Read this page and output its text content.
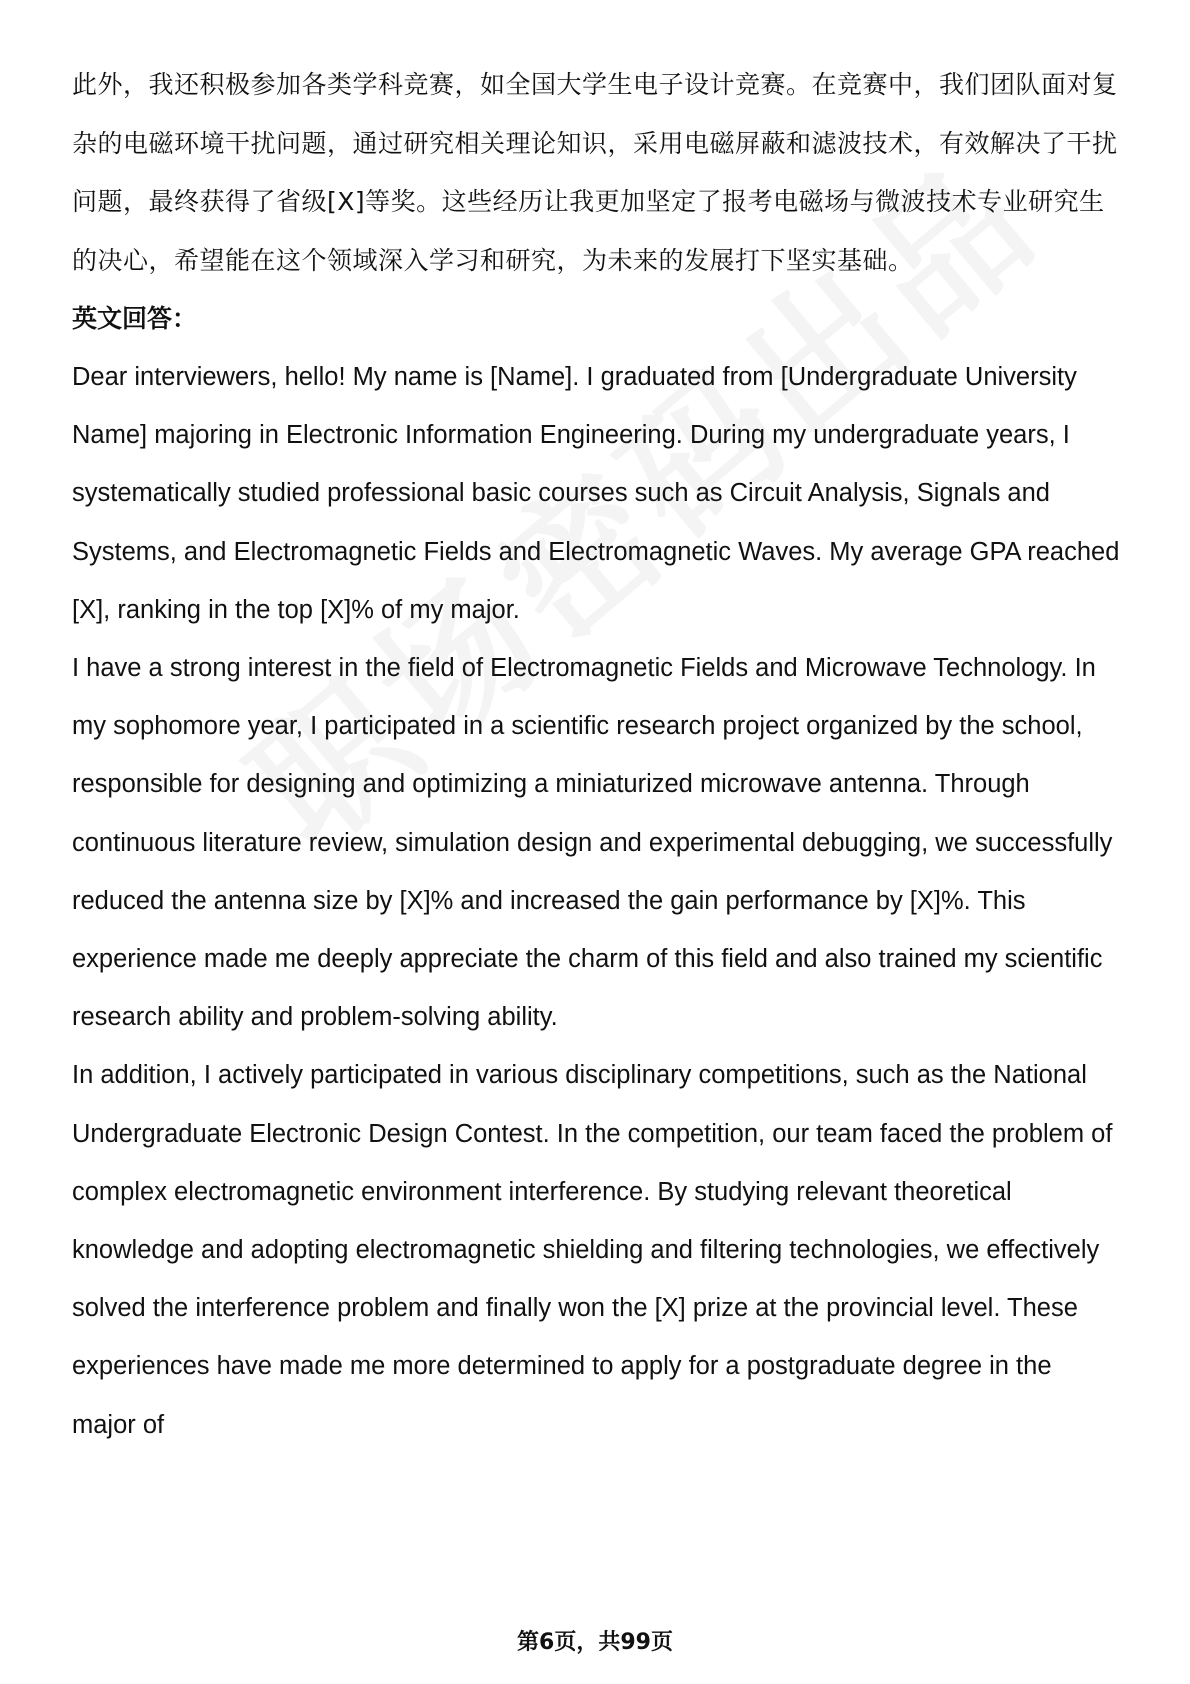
此外，我还积极参加各类学科竞赛，如全国大学生电子设计竞赛。在竞赛中，我们团队面对复杂的电磁环境干扰问题，通过研究相关理论知识，采用电磁屏蔽和滤波技术，有效解决了干扰问题，最终获得了省级[X]等奖。这些经历让我更加坚定了报考电磁场与微波技术专业研究生的决心，希望能在这个领域深入学习和研究，为未来的发展打下坚实基础。

英文回答：

Dear interviewers, hello! My name is [Name]. I graduated from [Undergraduate University Name] majoring in Electronic Information Engineering. During my undergraduate years, I systematically studied professional basic courses such as Circuit Analysis, Signals and Systems, and Electromagnetic Fields and Electromagnetic Waves. My average GPA reached [X], ranking in the top [X]% of my major.

I have a strong interest in the field of Electromagnetic Fields and Microwave Technology. In my sophomore year, I participated in a scientific research project organized by the school, responsible for designing and optimizing a miniaturized microwave antenna. Through continuous literature review, simulation design and experimental debugging, we successfully reduced the antenna size by [X]% and increased the gain performance by [X]%. This experience made me deeply appreciate the charm of this field and also trained my scientific research ability and problem-solving ability.

In addition, I actively participated in various disciplinary competitions, such as the National Undergraduate Electronic Design Contest. In the competition, our team faced the problem of complex electromagnetic environment interference. By studying relevant theoretical knowledge and adopting electromagnetic shielding and filtering technologies, we effectively solved the interference problem and finally won the [X] prize at the provincial level. These experiences have made me more determined to apply for a postgraduate degree in the major of

第6页，共99页
